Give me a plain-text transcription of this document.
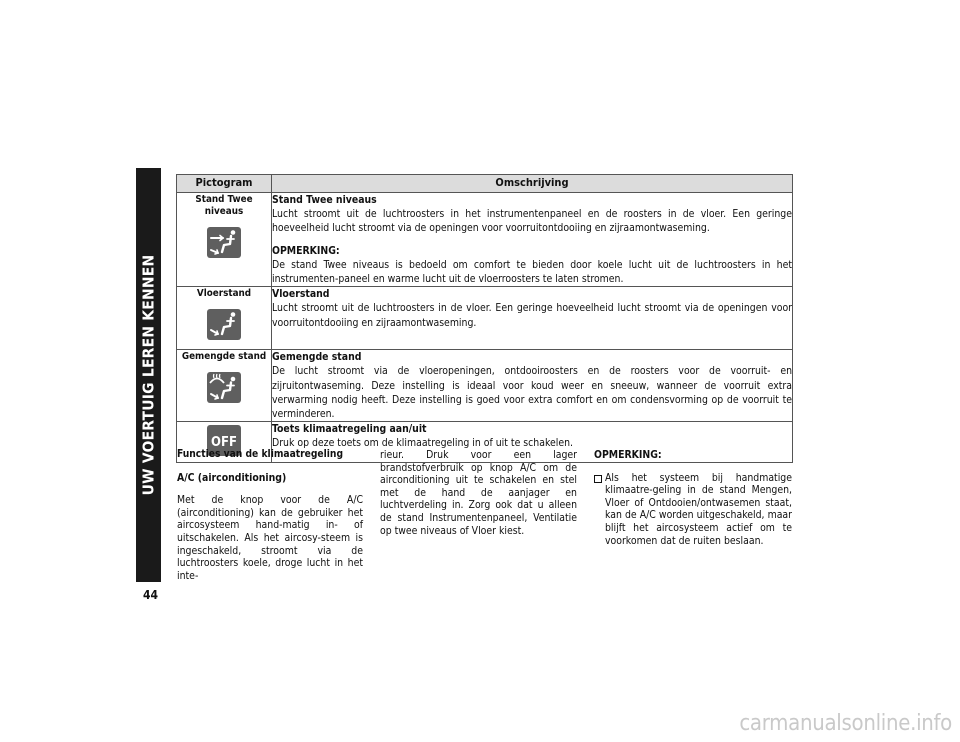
UW VOERTUIG LEREN KENNEN
44
Pictogram	Omschrijving

Stand Twee niveaus	Stand Twee niveaus
Lucht stroomt uit de luchtroosters in het instrumentenpaneel en de roosters in de vloer. Een geringe hoeveelheid lucht stroomt via de openingen voor voorruitontdooiing en zijraamontwaseming.
OPMERKING:
De stand Twee niveaus is bedoeld om comfort te bieden door koele lucht uit de luchtroosters in het instrumenten-paneel en warme lucht uit de vloerroosters te laten stromen.

Vloerstand	Vloerstand
Lucht stroomt uit de luchtroosters in de vloer. Een geringe hoeveelheid lucht stroomt via de openingen voor voorruitontdooiing en zijraamontwaseming.

Gemengde stand	Gemengde stand
De lucht stroomt via de vloeropeningen, ontdooiroosters en de roosters voor de voorruit- en zijruitontwaseming. Deze instelling is ideaal voor koud weer en sneeuw, wanneer de voorruit extra verwarming nodig heeft. Deze instelling is goed voor extra comfort en om condensvorming op de voorruit te verminderen.

OFF	Toets klimaatregeling aan/uit
Druk op deze toets om de klimaatregeling in of uit te schakelen.

Functies van de klimaatregeling

A/C (airconditioning)

Met de knop voor de A/C (airconditioning) kan de gebruiker het aircosysteem hand-matig in- of uitschakelen. Als het aircosy-steem is ingeschakeld, stroomt via de luchtroosters koele, droge lucht in het inte-

rieur. Druk voor een lager brandstofverbruik op knop A/C om de airconditioning uit te schakelen en stel met de hand de aanjager en luchtverdeling in. Zorg ook dat u alleen de stand Instrumentenpaneel, Ventilatie op twee niveaus of Vloer kiest.

OPMERKING:

Als het systeem bij handmatige klimaatre-geling in de stand Mengen, Vloer of Ontdooien/ontwasemen staat, kan de A/C worden uitgeschakeld, maar blijft het aircosysteem actief om te voorkomen dat de ruiten beslaan.
carmanualsonline.info
